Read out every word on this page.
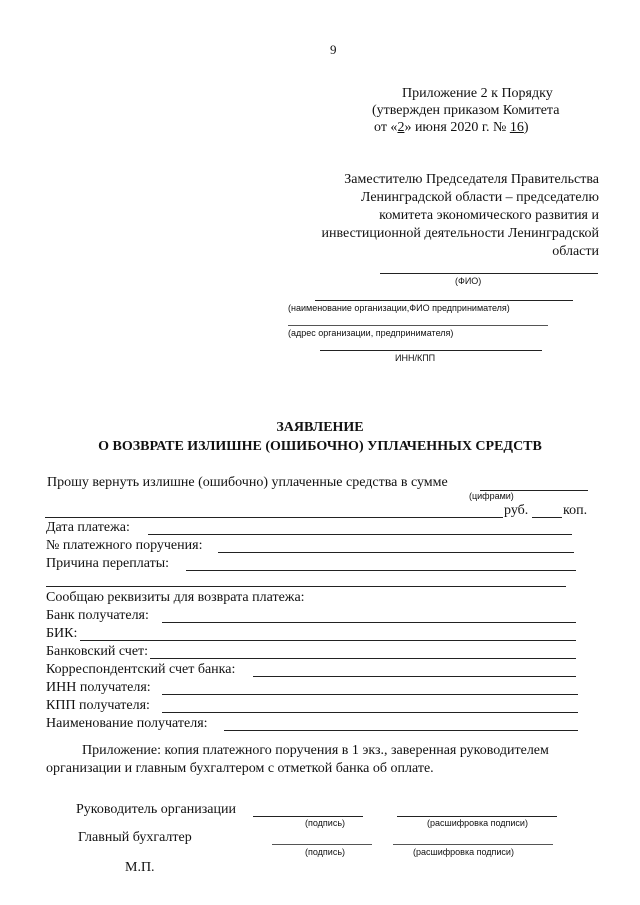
9
Приложение 2 к Порядку
(утвержден приказом Комитета
от «2» июня 2020 г. № 16)
Заместителю Председателя Правительства
Ленинградской области – председателю
комитета экономического развития и
инвестиционной деятельности Ленинградской
области
(ФИО)
(наименование организации,ФИО предпринимателя)
(адрес организации, предпринимателя)
ИНН/КПП
ЗАЯВЛЕНИЕ
О ВОЗВРАТЕ ИЗЛИШНЕ (ОШИБОЧНО) УПЛАЧЕННЫХ СРЕДСТВ
Прошу вернуть излишне (ошибочно) уплаченные средства в сумме
(цифрами)
руб. коп.
Дата платежа:
№ платежного поручения:
Причина переплаты:
Сообщаю реквизиты для возврата платежа:
Банк получателя:
БИК:
Банковский счет:
Корреспондентский счет банка:
ИНН получателя:
КПП получателя:
Наименование получателя:
Приложение: копия платежного поручения в 1 экз., заверенная руководителем
организации и главным бухгалтером с отметкой банка об оплате.
Руководитель организации
(подпись)	(расшифровка подписи)
Главный бухгалтер
(подпись)	(расшифровка подписи)
М.П.
